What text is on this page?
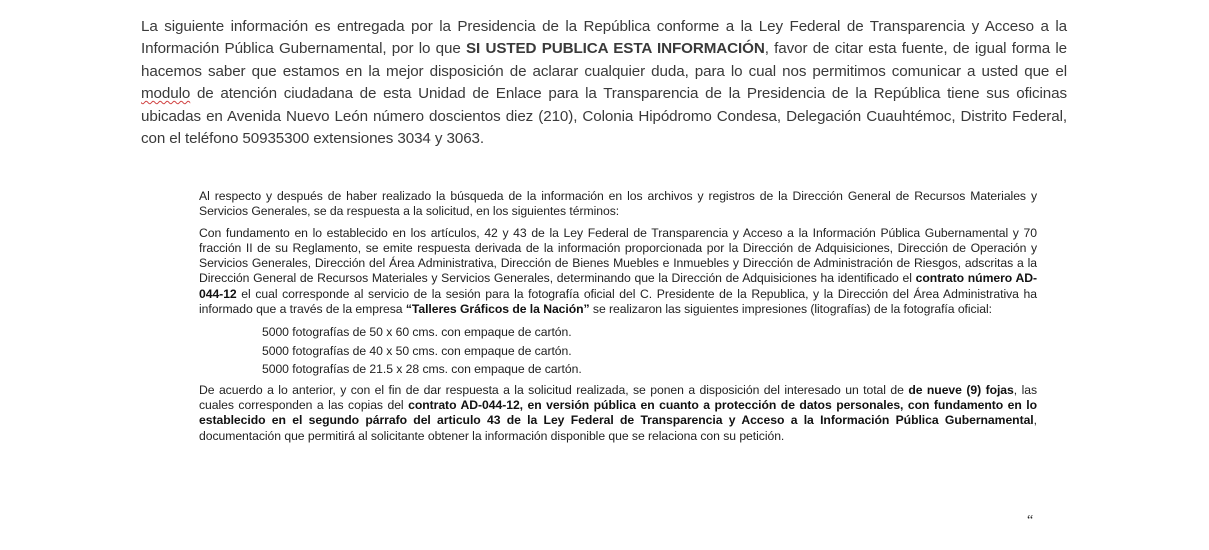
La siguiente información es entregada por la Presidencia de la República conforme a la Ley Federal de Transparencia y Acceso a la Información Pública Gubernamental, por lo que SI USTED PUBLICA ESTA INFORMACIÓN, favor de citar esta fuente, de igual forma le hacemos saber que estamos en la mejor disposición de aclarar cualquier duda, para lo cual nos permitimos comunicar a usted que el modulo de atención ciudadana de esta Unidad de Enlace para la Transparencia de la Presidencia de la República tiene sus oficinas ubicadas en Avenida Nuevo León número doscientos diez (210), Colonia Hipódromo Condesa, Delegación Cuauhtémoc, Distrito Federal, con el teléfono 50935300 extensiones 3034 y 3063.

Al respecto y después de haber realizado la búsqueda de la información en los archivos y registros de la Dirección General de Recursos Materiales y Servicios Generales, se da respuesta a la solicitud, en los siguientes términos:

Con fundamento en lo establecido en los artículos, 42 y 43 de la Ley Federal de Transparencia y Acceso a la Información Pública Gubernamental y 70 fracción II de su Reglamento, se emite respuesta derivada de la información proporcionada por la Dirección de Adquisiciones, Dirección de Operación y Servicios Generales, Dirección del Área Administrativa, Dirección de Bienes Muebles e Inmuebles y Dirección de Administración de Riesgos, adscritas a la Dirección General de Recursos Materiales y Servicios Generales, determinando que la Dirección de Adquisiciones ha identificado el contrato número AD-044-12 el cual corresponde al servicio de la sesión para la fotografía oficial del C. Presidente de la Republica, y la Dirección del Área Administrativa ha informado que a través de la empresa “Talleres Gráficos de la Nación” se realizaron las siguientes impresiones (litografías) de la fotografía oficial:

5000 fotografías de 50 x 60 cms. con empaque de cartón.
5000 fotografías de 40 x 50 cms. con empaque de cartón.
5000 fotografías de 21.5 x 28 cms. con empaque de cartón.

De acuerdo a lo anterior, y con el fin de dar respuesta a la solicitud realizada, se ponen a disposición del interesado un total de de nueve (9) fojas, las cuales corresponden a las copias del contrato AD-044-12, en versión pública en cuanto a protección de datos personales, con fundamento en lo establecido en el segundo párrafo del articulo 43 de la Ley Federal de Transparencia y Acceso a la Información Pública Gubernamental, documentación que permitirá al solicitante obtener la información disponible que se relaciona con su petición.

“
